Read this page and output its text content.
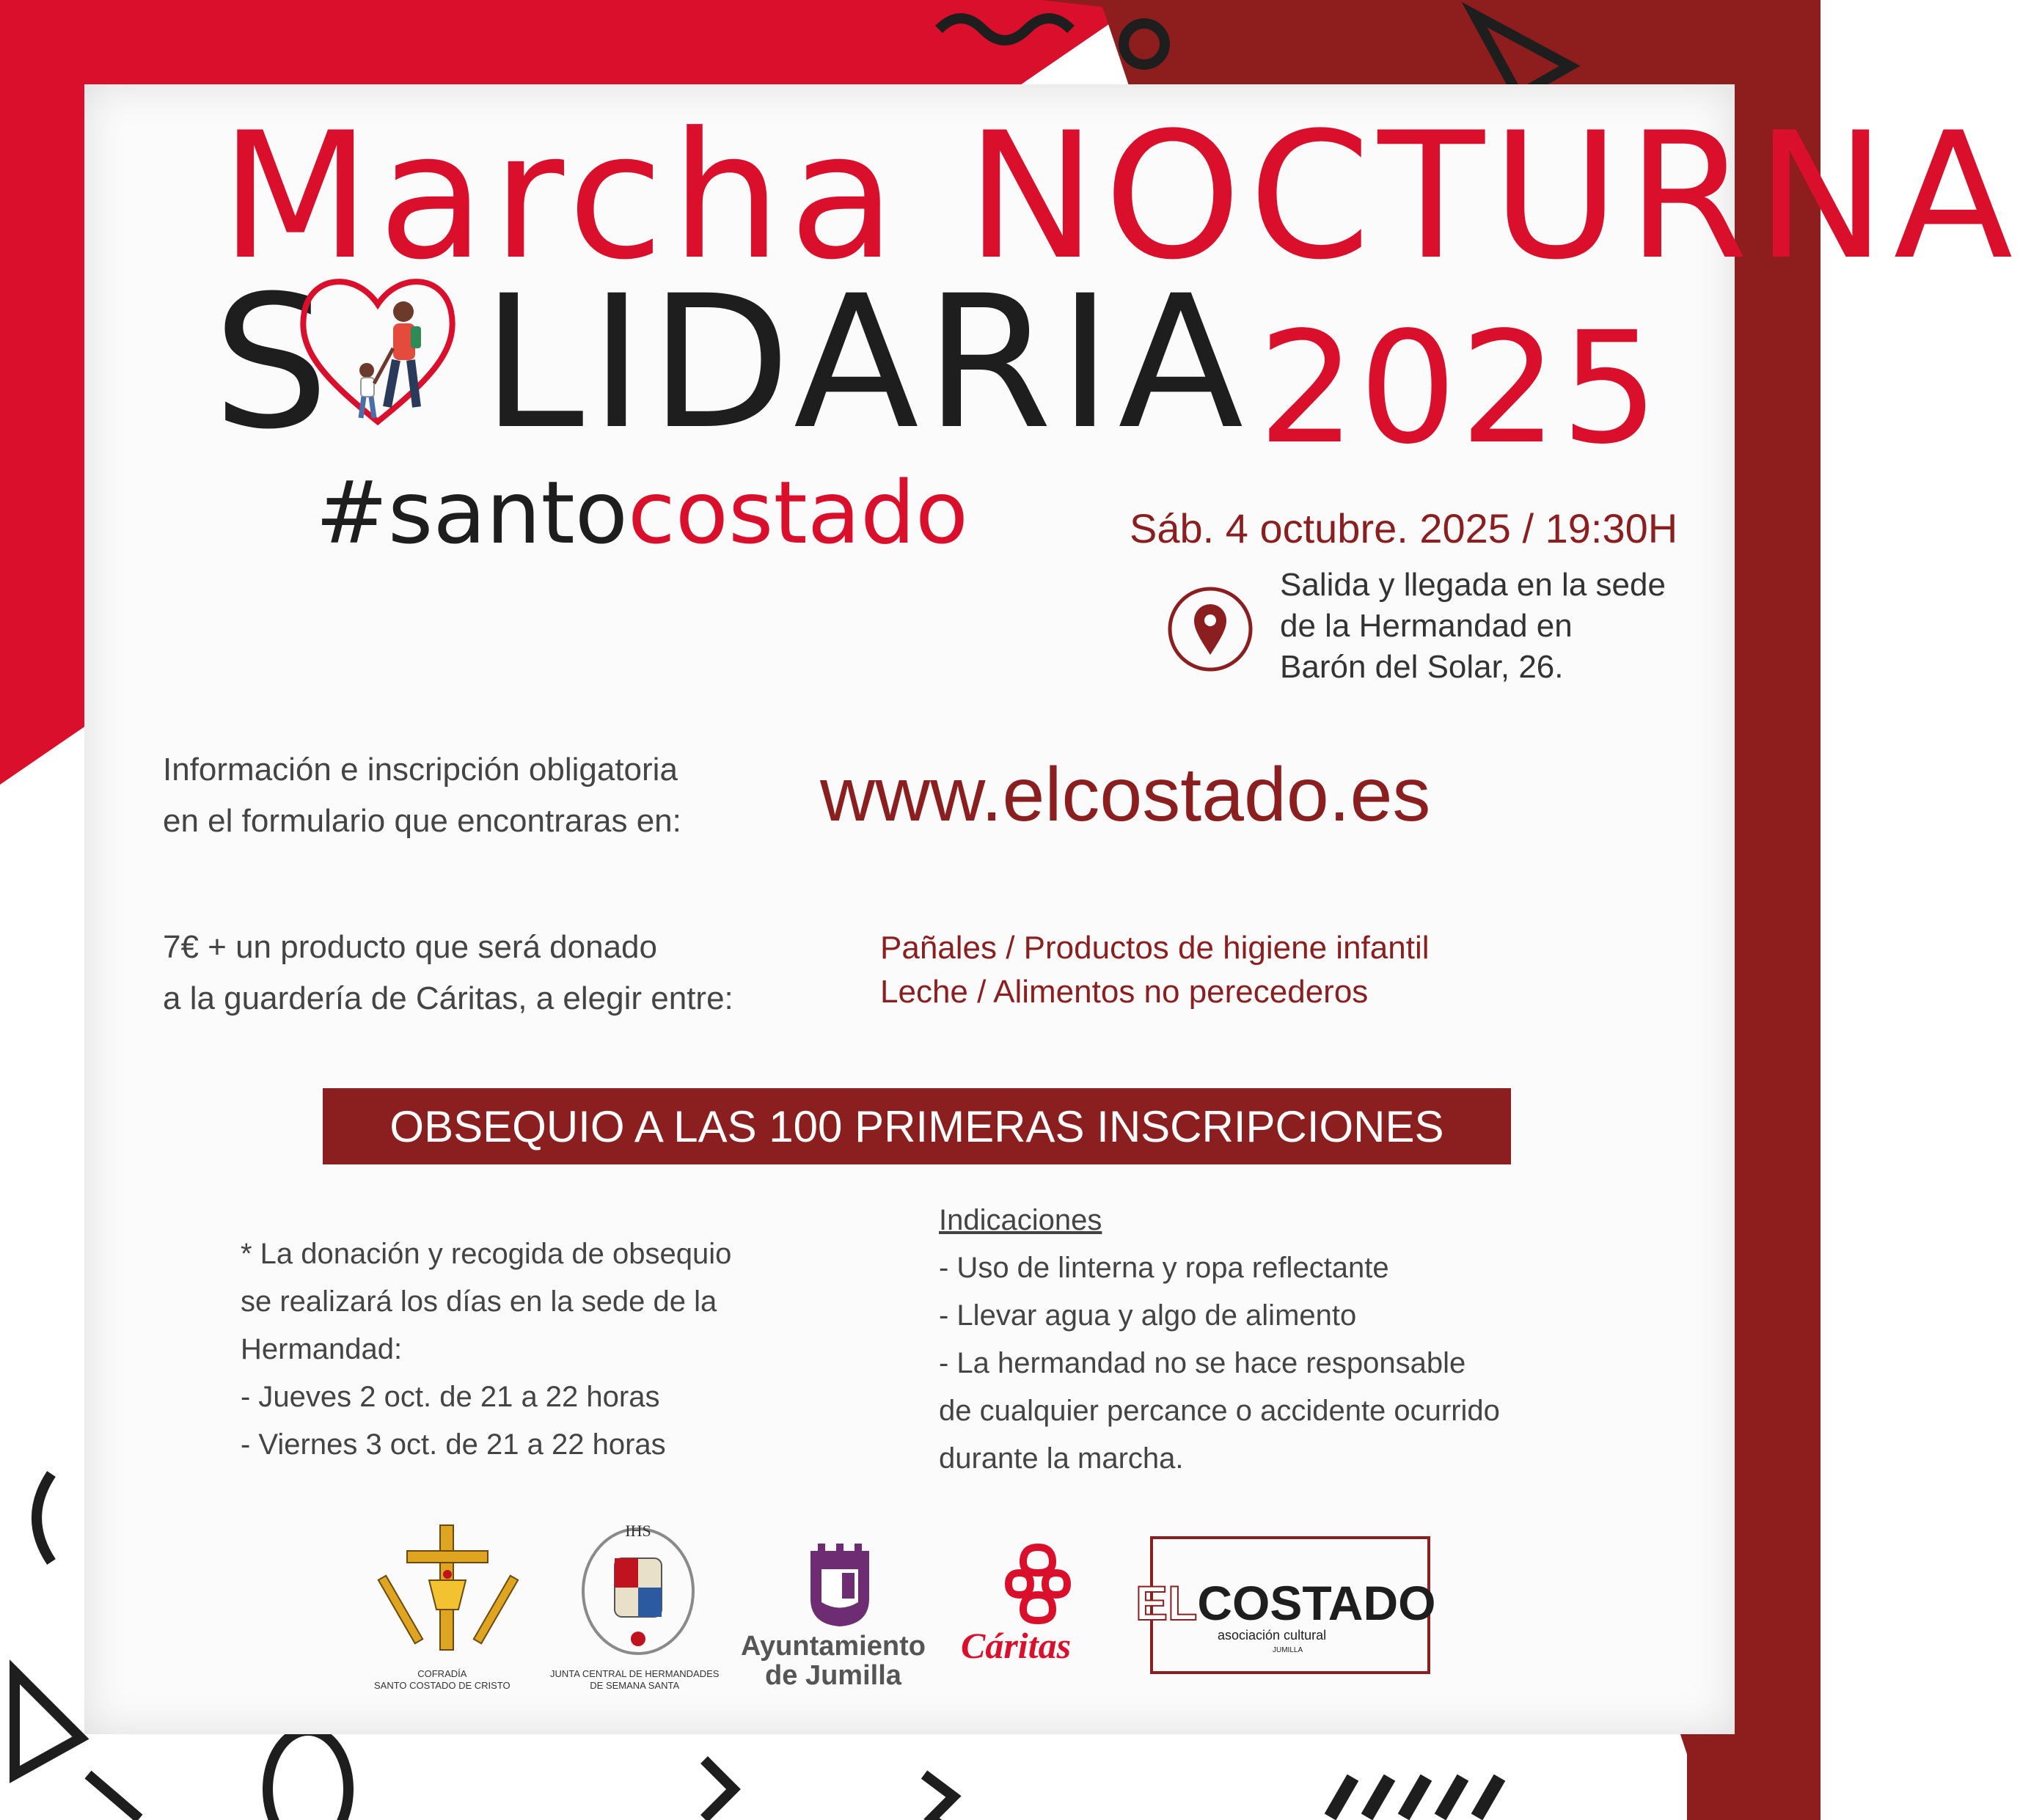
Marcha NOCTURNA
S LIDARIA 2025
#santocostado	Sáb. 4 octubre. 2025 / 19:30H
Salida y llegada en la sede
de la Hermandad en
Barón del Solar, 26.
Información e inscripción obligatoria
en el formulario que encontraras en: www.elcostado.es
7€ + un producto que será donado
a la guardería de Cáritas, a elegir entre:
Pañales / Productos de higiene infantil
Leche / Alimentos no perecederos
OBSEQUIO A LAS 100 PRIMERAS INSCRIPCIONES
* La donación y recogida de obsequio
se realizará los días en la sede de la
Hermandad:
- Jueves 2 oct. de 21 a 22 horas
- Viernes 3 oct. de 21 a 22 horas
Indicaciones
- Uso de linterna y ropa reflectante
- Llevar agua y algo de alimento
- La hermandad no se hace responsable
de cualquier percance o accidente ocurrido
durante la marcha.
COFRADÍA
SANTO COSTADO DE CRISTO
IHS
JUNTA CENTRAL DE HERMANDADES
DE SEMANA SANTA
Ayuntamiento
de Jumilla
Cáritas
ELCOSTADO
asociación cultural
JUMILLA
